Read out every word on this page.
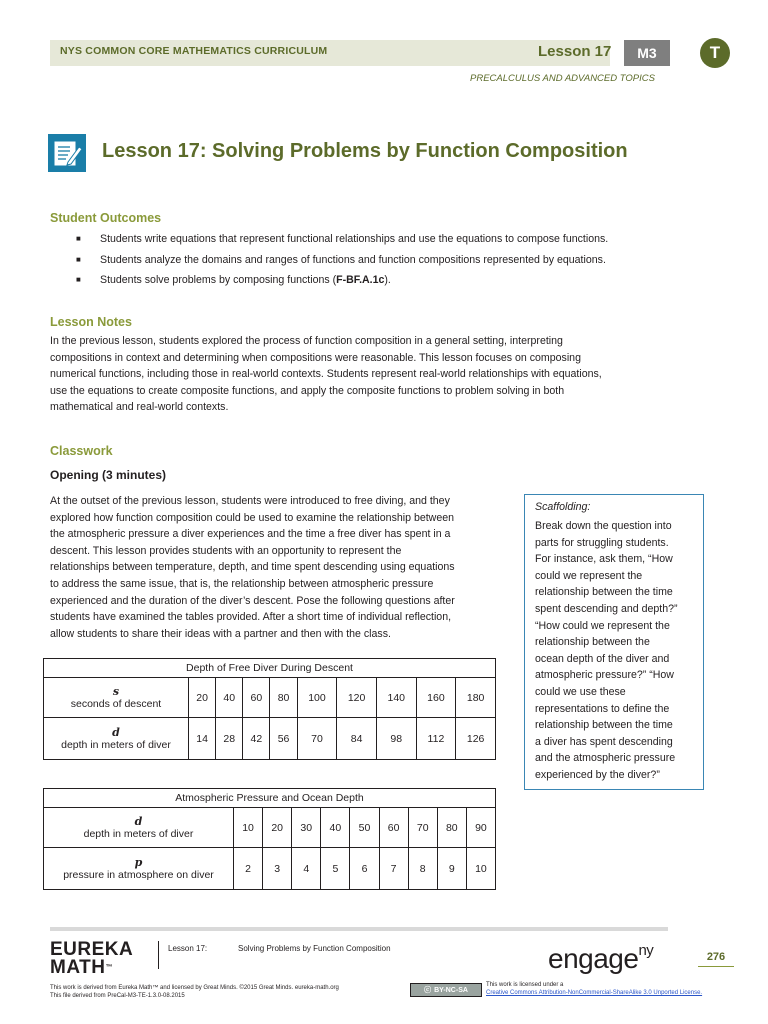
NYS COMMON CORE MATHEMATICS CURRICULUM	Lesson 17	M3	T
PRECALCULUS AND ADVANCED TOPICS
Lesson 17: Solving Problems by Function Composition
Student Outcomes
■	Students write equations that represent functional relationships and use the equations to compose functions.
■	Students analyze the domains and ranges of functions and function compositions represented by equations.
■	Students solve problems by composing functions (F-BF.A.1c).
Lesson Notes
In the previous lesson, students explored the process of function composition in a general setting, interpreting
compositions in context and determining when compositions were reasonable. This lesson focuses on composing
numerical functions, including those in real-world contexts. Students represent real-world relationships with equations,
use the equations to create composite functions, and apply the composite functions to problem solving in both
mathematical and real-world contexts.
Classwork
Opening (3 minutes)
At the outset of the previous lesson, students were introduced to free diving, and they
explored how function composition could be used to examine the relationship between
the atmospheric pressure a diver experiences and the time a free diver has spent in a
descent. This lesson provides students with an opportunity to represent the
relationships between temperature, depth, and time spent descending using equations
to address the same issue, that is, the relationship between atmospheric pressure
experienced and the duration of the diver’s descent. Pose the following questions after
students have examined the tables provided. After a short time of individual reflection,
allow students to share their ideas with a partner and then with the class.
Scaffolding:
Break down the question into
parts for struggling students.
For instance, ask them, “How
could we represent the
relationship between the time
spent descending and depth?”
“How could we represent the
relationship between the
ocean depth of the diver and
atmospheric pressure?” “How
could we use these
representations to define the
relationship between the time
a diver has spent descending
and the atmospheric pressure
experienced by the diver?”
Depth of Free Diver During Descent									

s
seconds of descent	20	40	60	80	100	120	140	160	180

d
depth in meters of diver	14	28	42	56	70	84	98	112	126
Atmospheric Pressure and Ocean Depth									

d
depth in meters of diver	10	20	30	40	50	60	70	80	90

p
pressure in atmosphere on diver	2	3	4	5	6	7	8	9	10
EUREKA
MATH™
Lesson 17:	Solving Problems by Function Composition	engage$^{ny}$	276
This work is derived from Eureka Math™ and licensed by Great Minds. ©2015 Great Minds. eureka-math.org
This file derived from PreCal-M3-TE-1.3.0-08.2015
ⓒ BY-NC-SA
This work is licensed under a
Creative Commons Attribution-NonCommercial-ShareAlike 3.0 Unported License.
